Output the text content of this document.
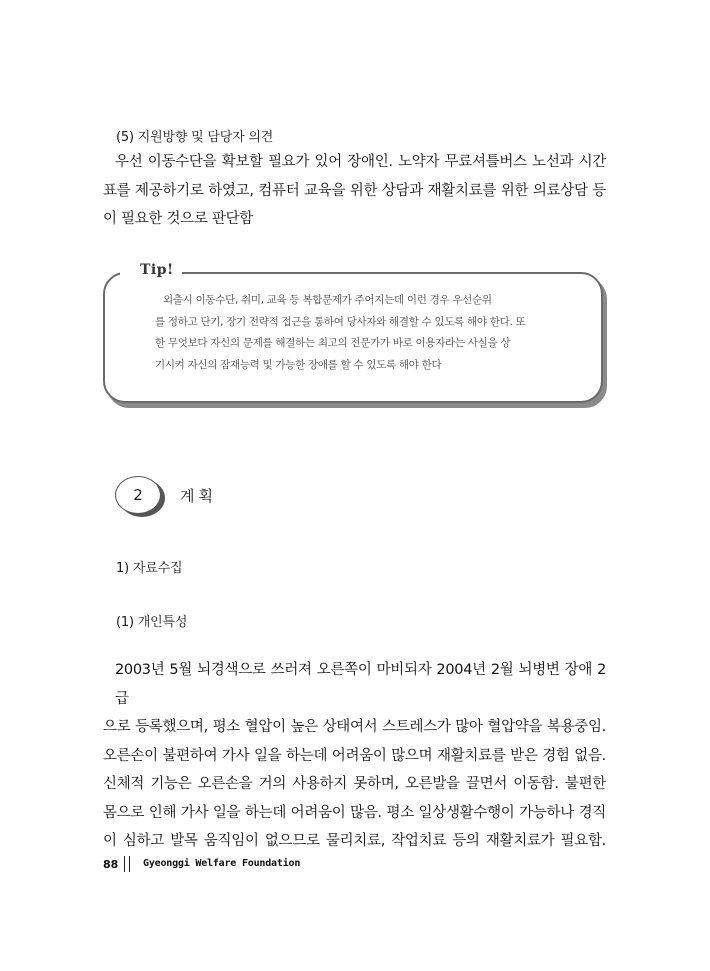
(5) 지원방향 및 담당자 의견
우선 이동수단을 확보할 필요가 있어 장애인. 노약자 무료셔틀버스 노선과 시간
표를 제공하기로 하였고, 컴퓨터 교육을 위한 상담과 재활치료를 위한 의료상담 등
이 필요한 것으로 판단함
Tip!
외출시 이동수단, 취미, 교육 등 복합문제가 주어지는데 이런 경우 우선순위
를 정하고 단기, 장기 전략적 접근을 통하여 당사자와 해결할 수 있도록 해야 한다. 또
한 무엇보다 자신의 문제를 해결하는 최고의 전문가가 바로 이용자라는 사실을 상
기시켜 자신의 잠재능력 및 가능한 장애를 할 수 있도록 해야 한다
2 계획
1) 자료수집
(1) 개인특성
2003년 5월 뇌경색으로 쓰러져 오른쪽이 마비되자 2004년 2월 뇌병변 장애 2급
으로 등록했으며, 평소 혈압이 높은 상태여서 스트레스가 많아 혈압약을 복용중임.
오른손이 불편하여 가사 일을 하는데 어려움이 많으며 재활치료를 받은 경험 없음.
신체적 기능은 오른손을 거의 사용하지 못하며, 오른발을 끌면서 이동함. 불편한
몸으로 인해 가사 일을 하는데 어려움이 많음. 평소 일상생활수행이 가능하나 경직
이 심하고 발목 움직임이 없으므로 물리치료, 작업치료 등의 재활치료가 필요함.
88 Gyeonggi Welfare Foundation
